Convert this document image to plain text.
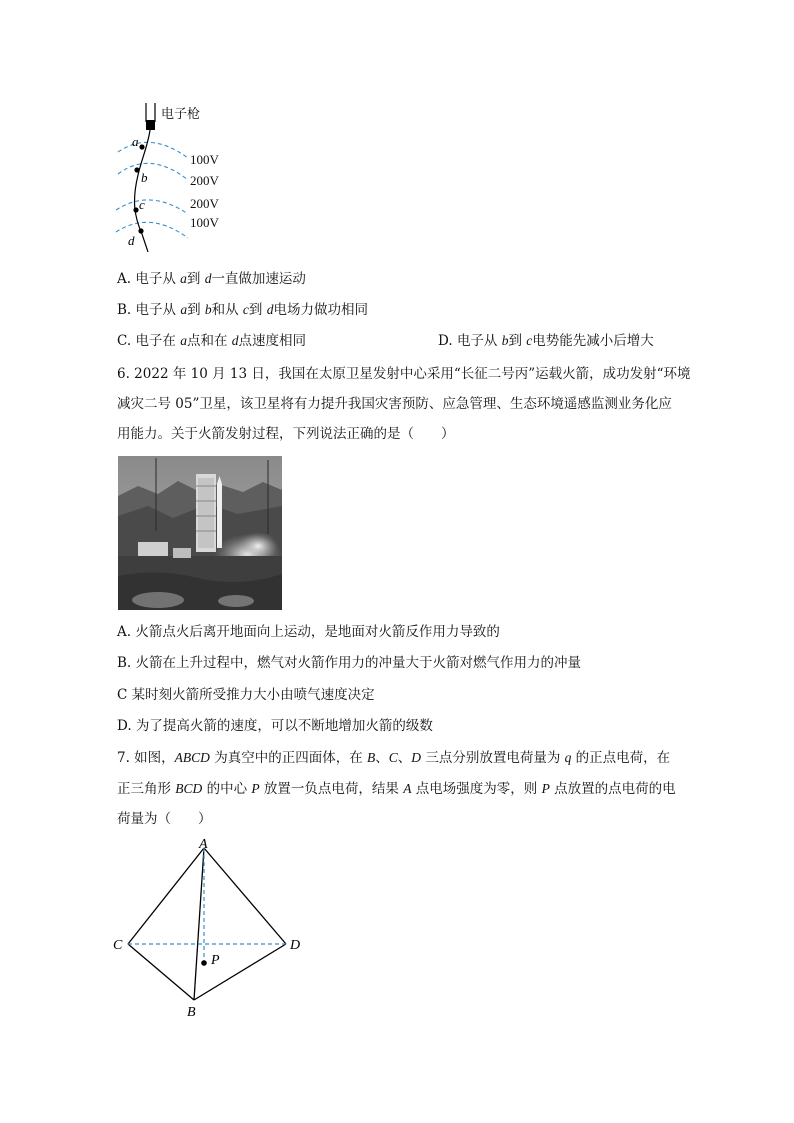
a
b
c
d
电子枪
100V
200V
200V
100V
A. 电子从 a到 d一直做加速运动
B. 电子从 a到 b和从 c到 d电场力做功相同
C. 电子在 a点和在 d点速度相同	D. 电子从 b到 c电势能先减小后增大
6. 2022 年 10 月 13 日，我国在太原卫星发射中心采用“长征二号丙”运载火箭，成功发射“环境
减灾二号 05”卫星，该卫星将有力提升我国灾害预防、应急管理、生态环境遥感监测业务化应
用能力。关于火箭发射过程，下列说法正确的是（　　）
A. 火箭点火后离开地面向上运动，是地面对火箭反作用力导致的
B. 火箭在上升过程中，燃气对火箭作用力的冲量大于火箭对燃气作用力的冲量
C 某时刻火箭所受推力大小由喷气速度决定
D. 为了提高火箭的速度，可以不断地增加火箭的级数
7. 如图，ABCD 为真空中的正四面体，在 B、C、D 三点分别放置电荷量为 q 的正点电荷，在
正三角形 BCD 的中心 P 放置一负点电荷，结果 A 点电场强度为零，则 P 点放置的点电荷的电
荷量为（　　）
A
B
C	D
P
